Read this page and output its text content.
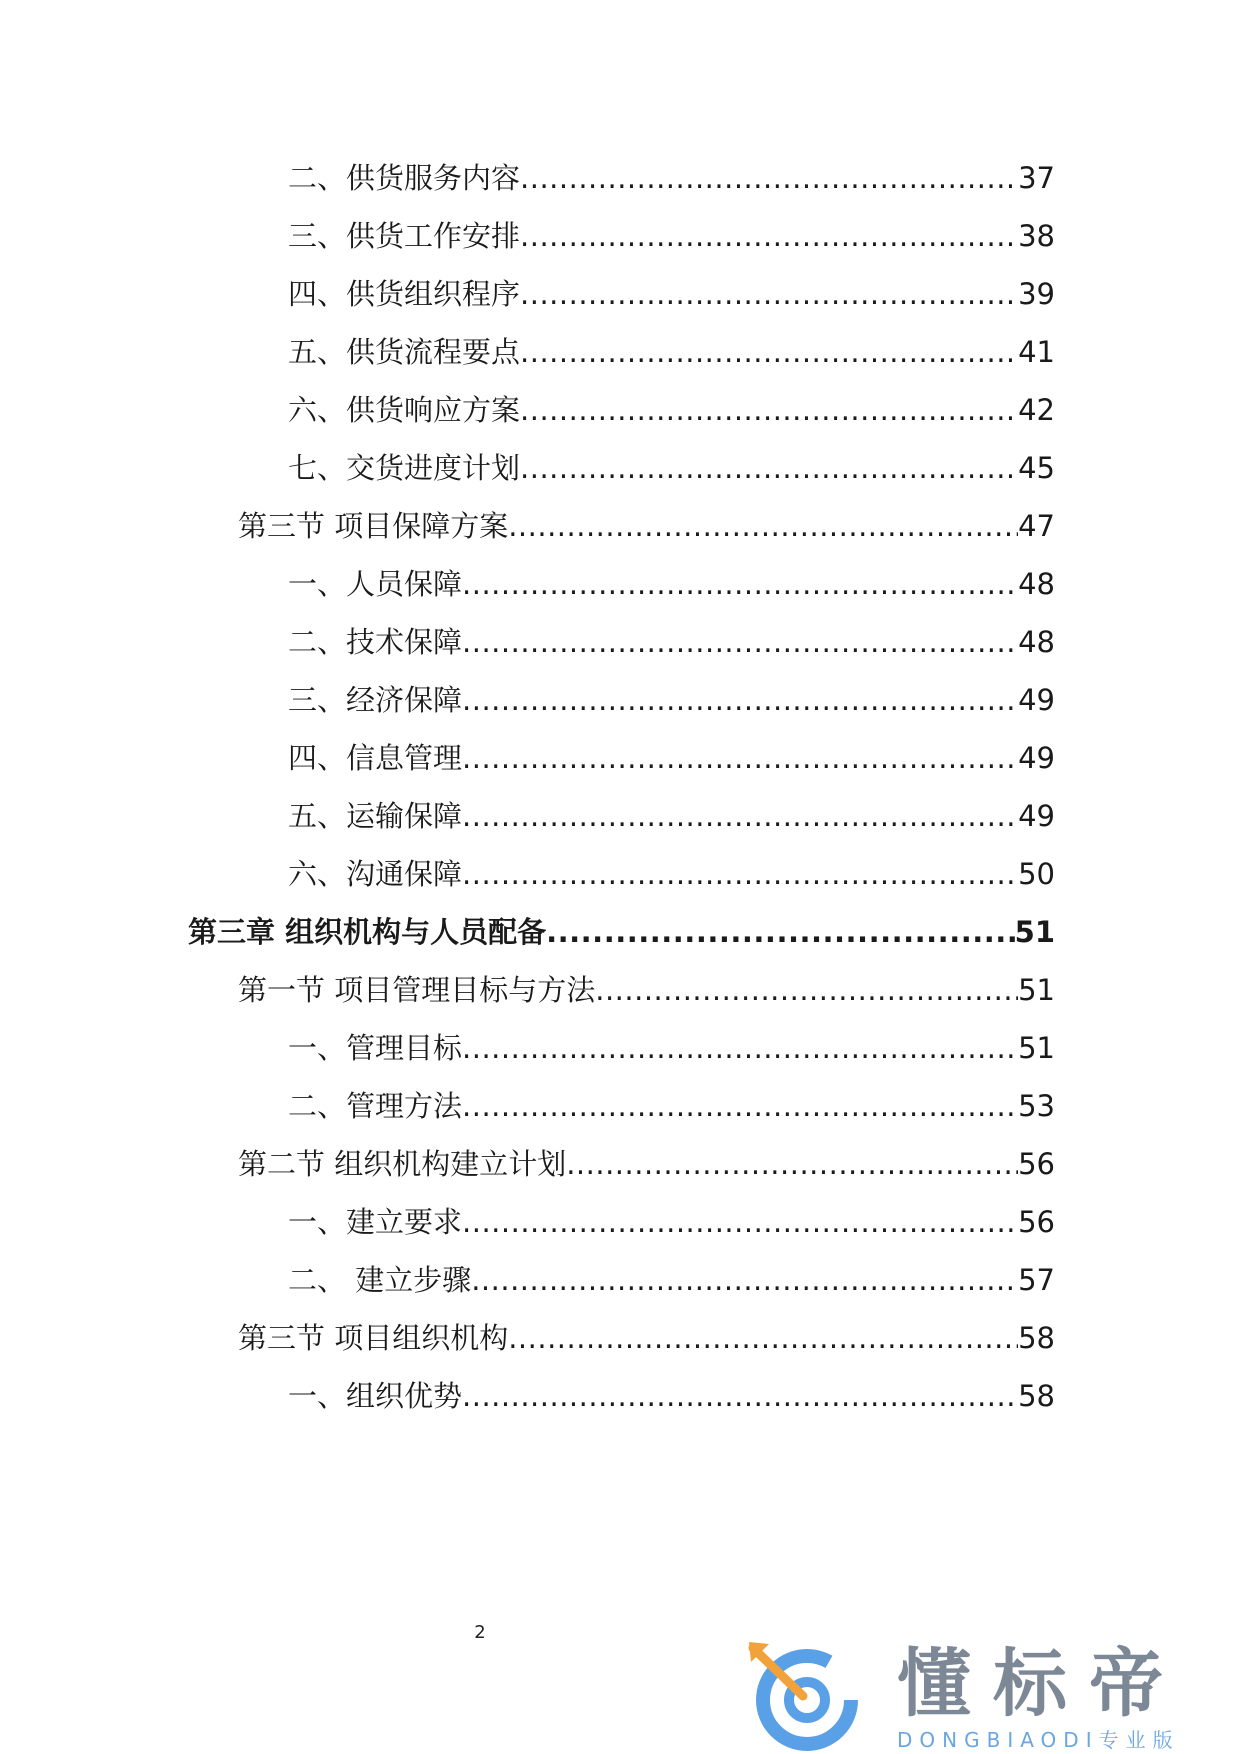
二、供货服务内容 .....	37
三、供货工作安排 .....	38
四、供货组织程序 .....	39
五、供货流程要点 .....	41
六、供货响应方案 .....	42
七、交货进度计划 .....	45
第三节 项目保障方案 .....	47
一、人员保障 .....	48
二、技术保障 .....	48
三、经济保障 .....	49
四、信息管理 .....	49
五、运输保障 .....	49
六、沟通保障 .....	50
第三章 组织机构与人员配备 .....	51
第一节 项目管理目标与方法 .....	51
一、管理目标 .....	51
二、管理方法 .....	53
第二节 组织机构建立计划 .....	56
一、建立要求 .....	56
二、 建立步骤 .....	57
第三节 项目组织机构 .....	58
一、组织优势 .....	58
2
懂标帝
DONGBIAODI专业版
